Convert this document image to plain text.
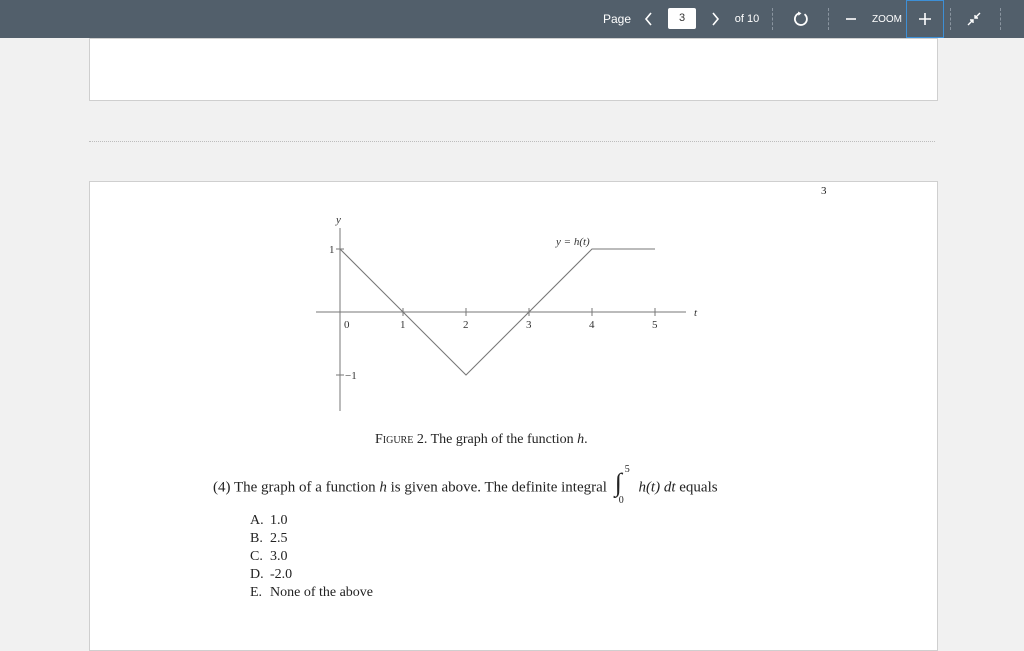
Page	3	of 10	ZOOM
3
y
t
1
−1
0	1	2	3	4	5
y = h(t)
Figure 2. The graph of the function h.
(4) The graph of a function h is given above. The definite integral ∫ 5
0
h(t) dt equals
A. 1.0
B. 2.5
C. 3.0
D. -2.0
E. None of the above
